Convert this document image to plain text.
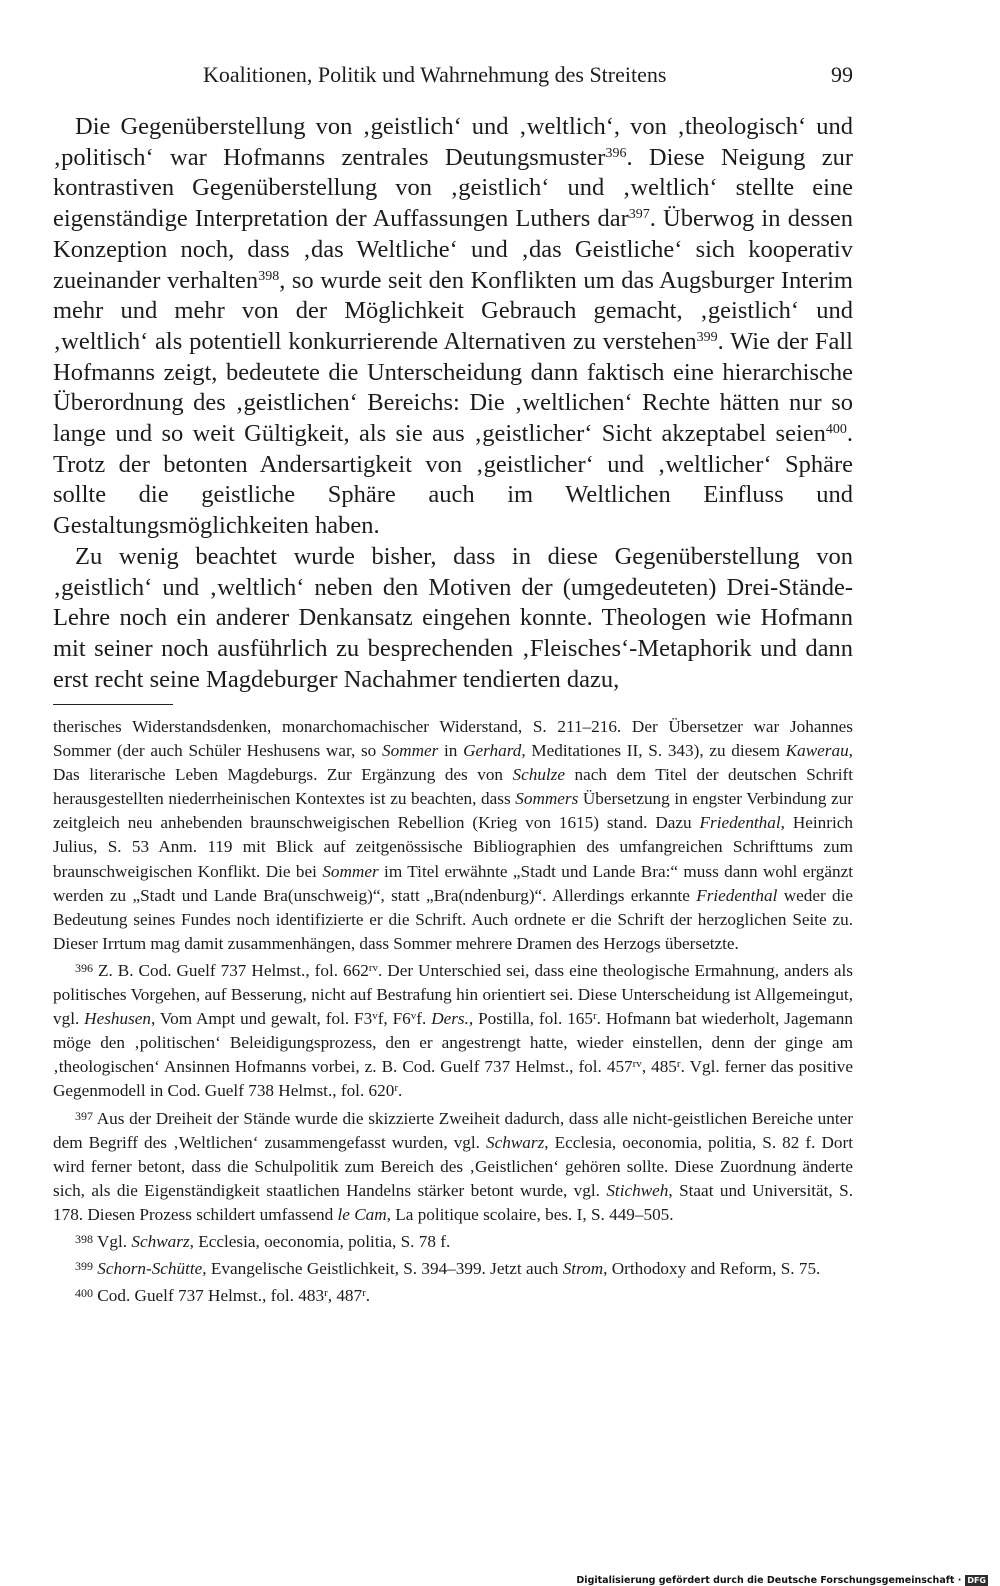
Koalitionen, Politik und Wahrnehmung des Streitens	99

Die Gegenüberstellung von ‚geistlich‘ und ‚weltlich‘, von ‚theologisch‘ und ‚politisch‘ war Hofmanns zentrales Deutungsmuster$^{396}$. Diese Neigung zur kontrastiven Gegenüberstellung von ‚geistlich‘ und ‚weltlich‘ stellte eine eigenständige Interpretation der Auffassungen Luthers dar$^{397}$. Überwog in dessen Konzeption noch, dass ‚das Weltliche‘ und ‚das Geistliche‘ sich kooperativ zueinander verhalten$^{398}$, so wurde seit den Konflikten um das Augsburger Interim mehr und mehr von der Möglichkeit Gebrauch gemacht, ‚geistlich‘ und ‚weltlich‘ als potentiell konkurrierende Alternativen zu verstehen$^{399}$. Wie der Fall Hofmanns zeigt, bedeutete die Unterscheidung dann faktisch eine hierarchische Überordnung des ‚geistlichen‘ Bereichs: Die ‚weltlichen‘ Rechte hätten nur so lange und so weit Gültigkeit, als sie aus ‚geistlicher‘ Sicht akzeptabel seien$^{400}$. Trotz der betonten Andersartigkeit von ‚geistlicher‘ und ‚weltlicher‘ Sphäre sollte die geistliche Sphäre auch im Weltlichen Einfluss und Gestaltungsmöglichkeiten haben.

Zu wenig beachtet wurde bisher, dass in diese Gegenüberstellung von ‚geistlich‘ und ‚weltlich‘ neben den Motiven der (umgedeuteten) Drei-Stände-Lehre noch ein anderer Denkansatz eingehen konnte. Theologen wie Hofmann mit seiner noch ausführlich zu besprechenden ‚Fleisches‘-Metaphorik und dann erst recht seine Magdeburger Nachahmer tendierten dazu,

therisches Widerstandsdenken, monarchomachischer Widerstand, S. 211–216. Der Übersetzer war Johannes Sommer (der auch Schüler Heshusens war, so Sommer in Gerhard, Meditationes II, S. 343), zu diesem Kawerau, Das literarische Leben Magdeburgs. Zur Ergänzung des von Schulze nach dem Titel der deutschen Schrift herausgestellten niederrheinischen Kontextes ist zu beachten, dass Sommers Übersetzung in engster Verbindung zur zeitgleich neu anhebenden braunschweigischen Rebellion (Krieg von 1615) stand. Dazu Friedenthal, Heinrich Julius, S. 53 Anm. 119 mit Blick auf zeitgenössische Bibliographien des umfangreichen Schrifttums zum braunschweigischen Konflikt. Die bei Sommer im Titel erwähnte „Stadt und Lande Bra:“ muss dann wohl ergänzt werden zu „Stadt und Lande Bra(unschweig)“, statt „Bra(ndenburg)“. Allerdings erkannte Friedenthal weder die Bedeutung seines Fundes noch identifizierte er die Schrift. Auch ordnete er die Schrift der herzoglichen Seite zu. Dieser Irrtum mag damit zusammenhängen, dass Sommer mehrere Dramen des Herzogs übersetzte.

$^{396}$ Z. B. Cod. Guelf 737 Helmst., fol. $662^{rv}$. Der Unterschied sei, dass eine theologische Ermahnung, anders als politisches Vorgehen, auf Besserung, nicht auf Bestrafung hin orientiert sei. Diese Unterscheidung ist Allgemeingut, vgl. Heshusen, Vom Ampt und gewalt, fol. F3$^v$f, F6$^v$f. Ders., Postilla, fol. 165$^r$. Hofmann bat wiederholt, Jagemann möge den ‚politischen‘ Beleidigungsprozess, den er angestrengt hatte, wieder einstellen, denn der ginge am ‚theologischen‘ Ansinnen Hofmanns vorbei, z. B. Cod. Guelf 737 Helmst., fol. $457^{rv}$, 485$^r$. Vgl. ferner das positive Gegenmodell in Cod. Guelf 738 Helmst., fol. 620$^r$.

$^{397}$ Aus der Dreiheit der Stände wurde die skizzierte Zweiheit dadurch, dass alle nicht-geistlichen Bereiche unter dem Begriff des ‚Weltlichen‘ zusammengefasst wurden, vgl. Schwarz, Ecclesia, oeconomia, politia, S. 82 f. Dort wird ferner betont, dass die Schulpolitik zum Bereich des ‚Geistlichen‘ gehören sollte. Diese Zuordnung änderte sich, als die Eigenständigkeit staatlichen Handelns stärker betont wurde, vgl. Stichweh, Staat und Universität, S. 178. Diesen Prozess schildert umfassend le Cam, La politique scolaire, bes. I, S. 449–505.

$^{398}$ Vgl. Schwarz, Ecclesia, oeconomia, politia, S. 78 f.

$^{399}$ Schorn-Schütte, Evangelische Geistlichkeit, S. 394–399. Jetzt auch Strom, Orthodoxy and Reform, S. 75.

$^{400}$ Cod. Guelf 737 Helmst., fol. 483$^r$, 487$^r$.

Digitalisierung gefördert durch die Deutsche Forschungsgemeinschaft · DFG
